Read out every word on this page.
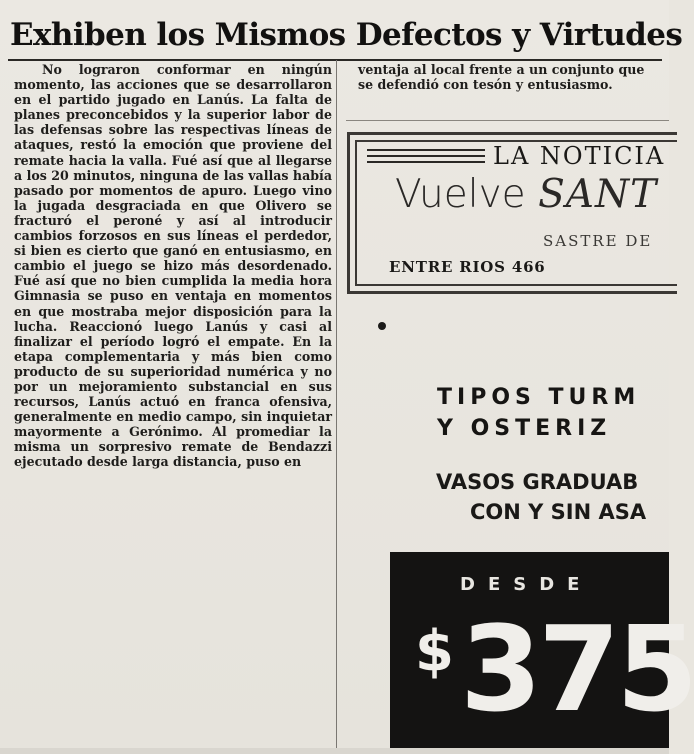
Exhiben los Mismos Defectos y Virtudes

No lograron conformar en ningún momento, las acciones que se desarrollaron en el partido jugado en Lanús. La falta de planes preconcebidos y la superior labor de las defensas sobre las respectivas líneas de ataques, restó la emoción que proviene del remate hacia la valla. Fué así que al llegarse a los 20 minutos, ninguna de las vallas había pasado por momentos de apuro. Luego vino la jugada desgraciada en que Olivero se fracturó el peroné y así al introducir cambios forzosos en sus líneas el perdedor, si bien es cierto que ganó en entusiasmo, en cambio el juego se hizo más desordenado. Fué así que no bien cumplida la media hora Gimnasia se puso en ventaja en momentos en que mostraba mejor disposición para la lucha. Reaccionó luego Lanús y casi al finalizar el período logró el empate. En la etapa complementaria y más bien como producto de su superioridad numérica y no por un mejoramiento substancial en sus recursos, Lanús actuó en franca ofensiva, generalmente en medio campo, sin inquietar mayormente a Gerónimo. Al promediar la misma un sorpresivo remate de Bendazzi ejecutado desde larga distancia, puso en

ventaja al local frente a un conjunto que se defendió con tesón y entusiasmo.

LA NOTICIA
Vuelve SANT
SASTRE DE
ENTRE RIOS 466
TIPOS TURM
Y OSTERIZ
VASOS GRADUAB
CON Y SIN ASA
DESDE
$375
